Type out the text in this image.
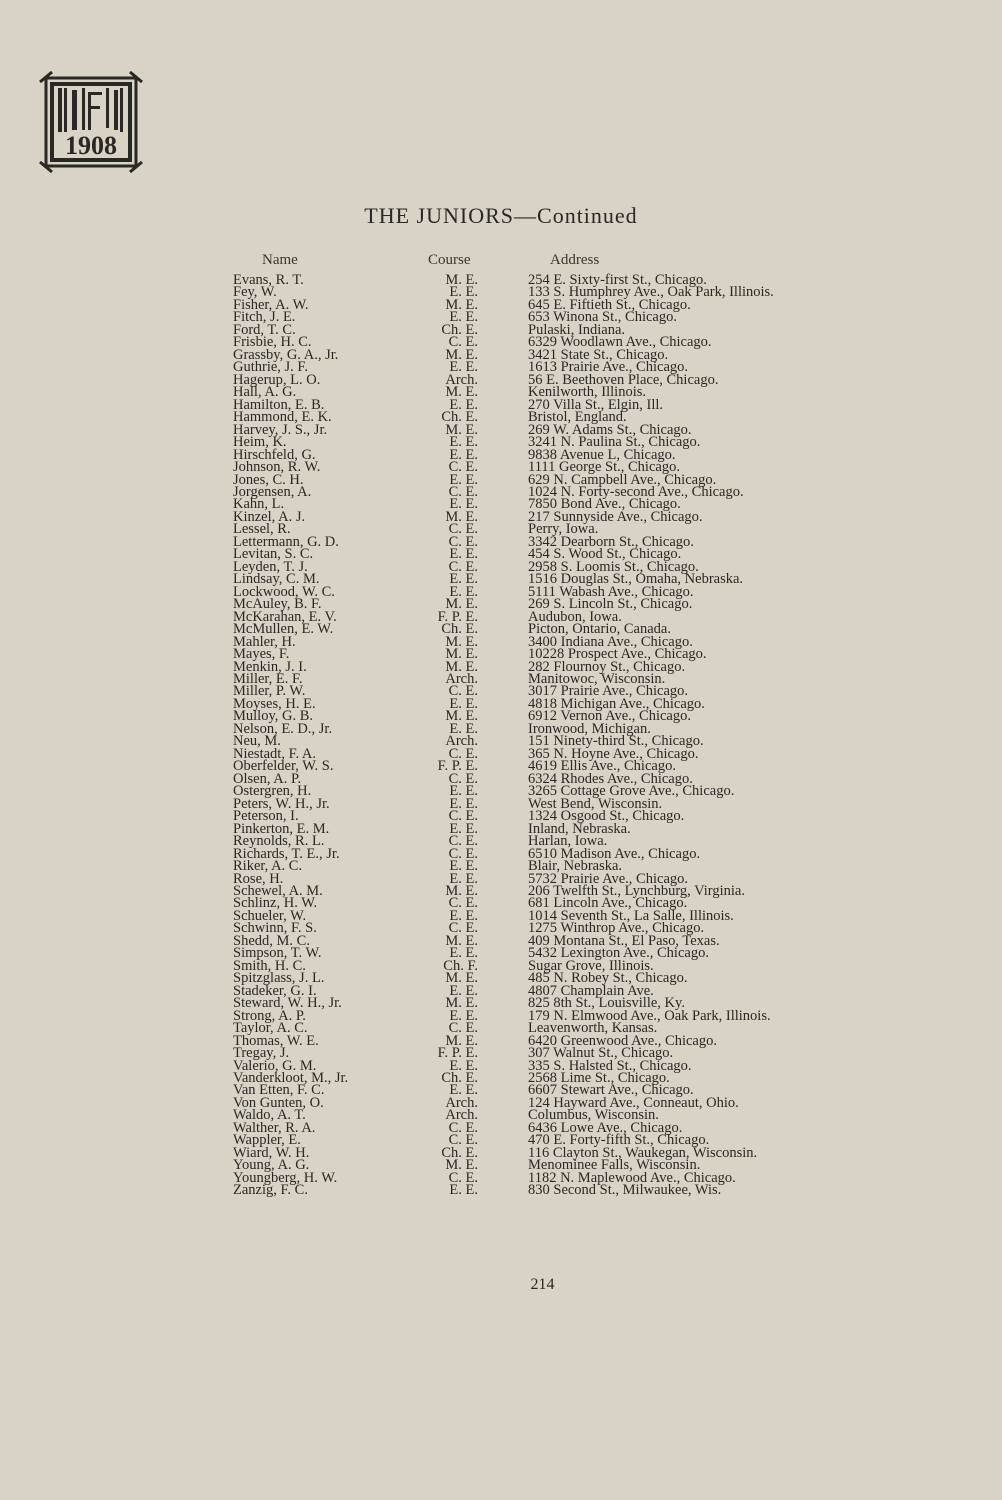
1908
THE JUNIORS—Continued
Name	Course	Address
Evans, R. T.	M. E.	254 E. Sixty-first St., Chicago.
Fey, W.	E. E.	133 S. Humphrey Ave., Oak Park, Illinois.
Fisher, A. W.	M. E.	645 E. Fiftieth St., Chicago.
Fitch, J. E.	E. E.	653 Winona St., Chicago.
Ford, T. C.	Ch. E.	Pulaski, Indiana.
Frisbie, H. C.	C. E.	6329 Woodlawn Ave., Chicago.
Grassby, G. A., Jr.	M. E.	3421 State St., Chicago.
Guthrie, J. F.	E. E.	1613 Prairie Ave., Chicago.
Hagerup, L. O.	Arch.	56 E. Beethoven Place, Chicago.
Hall, A. G.	M. E.	Kenilworth, Illinois.
Hamilton, E. B.	E. E.	270 Villa St., Elgin, Ill.
Hammond, E. K.	Ch. E.	Bristol, England.
Harvey, J. S., Jr.	M. E.	269 W. Adams St., Chicago.
Heim, K.	E. E.	3241 N. Paulina St., Chicago.
Hirschfeld, G.	E. E.	9838 Avenue L, Chicago.
Johnson, R. W.	C. E.	1111 George St., Chicago.
Jones, C. H.	E. E.	629 N. Campbell Ave., Chicago.
Jorgensen, A.	C. E.	1024 N. Forty-second Ave., Chicago.
Kahn, L.	E. E.	7850 Bond Ave., Chicago.
Kinzel, A. J.	M. E.	217 Sunnyside Ave., Chicago.
Lessel, R.	C. E.	Perry, Iowa.
Lettermann, G. D.	C. E.	3342 Dearborn St., Chicago.
Levitan, S. C.	E. E.	454 S. Wood St., Chicago.
Leyden, T. J.	C. E.	2958 S. Loomis St., Chicago.
Lindsay, C. M.	E. E.	1516 Douglas St., Omaha, Nebraska.
Lockwood, W. C.	E. E.	5111 Wabash Ave., Chicago.
McAuley, B. F.	M. E.	269 S. Lincoln St., Chicago.
McKarahan, E. V.	F. P. E.	Audubon, Iowa.
McMullen, E. W.	Ch. E.	Picton, Ontario, Canada.
Mahler, H.	M. E.	3400 Indiana Ave., Chicago.
Mayes, F.	M. E.	10228 Prospect Ave., Chicago.
Menkin, J. I.	M. E.	282 Flournoy St., Chicago.
Miller, E. F.	Arch.	Manitowoc, Wisconsin.
Miller, P. W.	C. E.	3017 Prairie Ave., Chicago.
Moyses, H. E.	E. E.	4818 Michigan Ave., Chicago.
Mulloy, G. B.	M. E.	6912 Vernon Ave., Chicago.
Nelson, E. D., Jr.	E. E.	Ironwood, Michigan.
Neu, M.	Arch.	151 Ninety-third St., Chicago.
Niestadt, F. A.	C. E.	365 N. Hoyne Ave., Chicago.
Oberfelder, W. S.	F. P. E.	4619 Ellis Ave., Chicago.
Olsen, A. P.	C. E.	6324 Rhodes Ave., Chicago.
Ostergren, H.	E. E.	3265 Cottage Grove Ave., Chicago.
Peters, W. H., Jr.	E. E.	West Bend, Wisconsin.
Peterson, I.	C. E.	1324 Osgood St., Chicago.
Pinkerton, E. M.	E. E.	Inland, Nebraska.
Reynolds, R. L.	C. E.	Harlan, Iowa.
Richards, T. E., Jr.	C. E.	6510 Madison Ave., Chicago.
Riker, A. C.	E. E.	Blair, Nebraska.
Rose, H.	E. E.	5732 Prairie Ave., Chicago.
Schewel, A. M.	M. E.	206 Twelfth St., Lynchburg, Virginia.
Schlinz, H. W.	C. E.	681 Lincoln Ave., Chicago.
Schueler, W.	E. E.	1014 Seventh St., La Salle, Illinois.
Schwinn, F. S.	C. E.	1275 Winthrop Ave., Chicago.
Shedd, M. C.	M. E.	409 Montana St., El Paso, Texas.
Simpson, T. W.	E. E.	5432 Lexington Ave., Chicago.
Smith, H. C.	Ch. F.	Sugar Grove, Illinois.
Spitzglass, J. L.	M. E.	485 N. Robey St., Chicago.
Stadeker, G. I.	E. E.	4807 Champlain Ave.
Steward, W. H., Jr.	M. E.	825 8th St., Louisville, Ky.
Strong, A. P.	E. E.	179 N. Elmwood Ave., Oak Park, Illinois.
Taylor, A. C.	C. E.	Leavenworth, Kansas.
Thomas, W. E.	M. E.	6420 Greenwood Ave., Chicago.
Tregay, J.	F. P. E.	307 Walnut St., Chicago.
Valerio, G. M.	E. E.	335 S. Halsted St., Chicago.
Vanderkloot, M., Jr.	Ch. E.	2568 Lime St., Chicago.
Van Etten, F. C.	E. E.	6607 Stewart Ave., Chicago.
Von Gunten, O.	Arch.	124 Hayward Ave., Conneaut, Ohio.
Waldo, A. T.	Arch.	Columbus, Wisconsin.
Walther, R. A.	C. E.	6436 Lowe Ave., Chicago.
Wappler, E.	C. E.	470 E. Forty-fifth St., Chicago.
Wiard, W. H.	Ch. E.	116 Clayton St., Waukegan, Wisconsin.
Young, A. G.	M. E.	Menominee Falls, Wisconsin.
Youngberg, H. W.	C. E.	1182 N. Maplewood Ave., Chicago.
Zanzig, F. C.	E. E.	830 Second St., Milwaukee, Wis.
214
